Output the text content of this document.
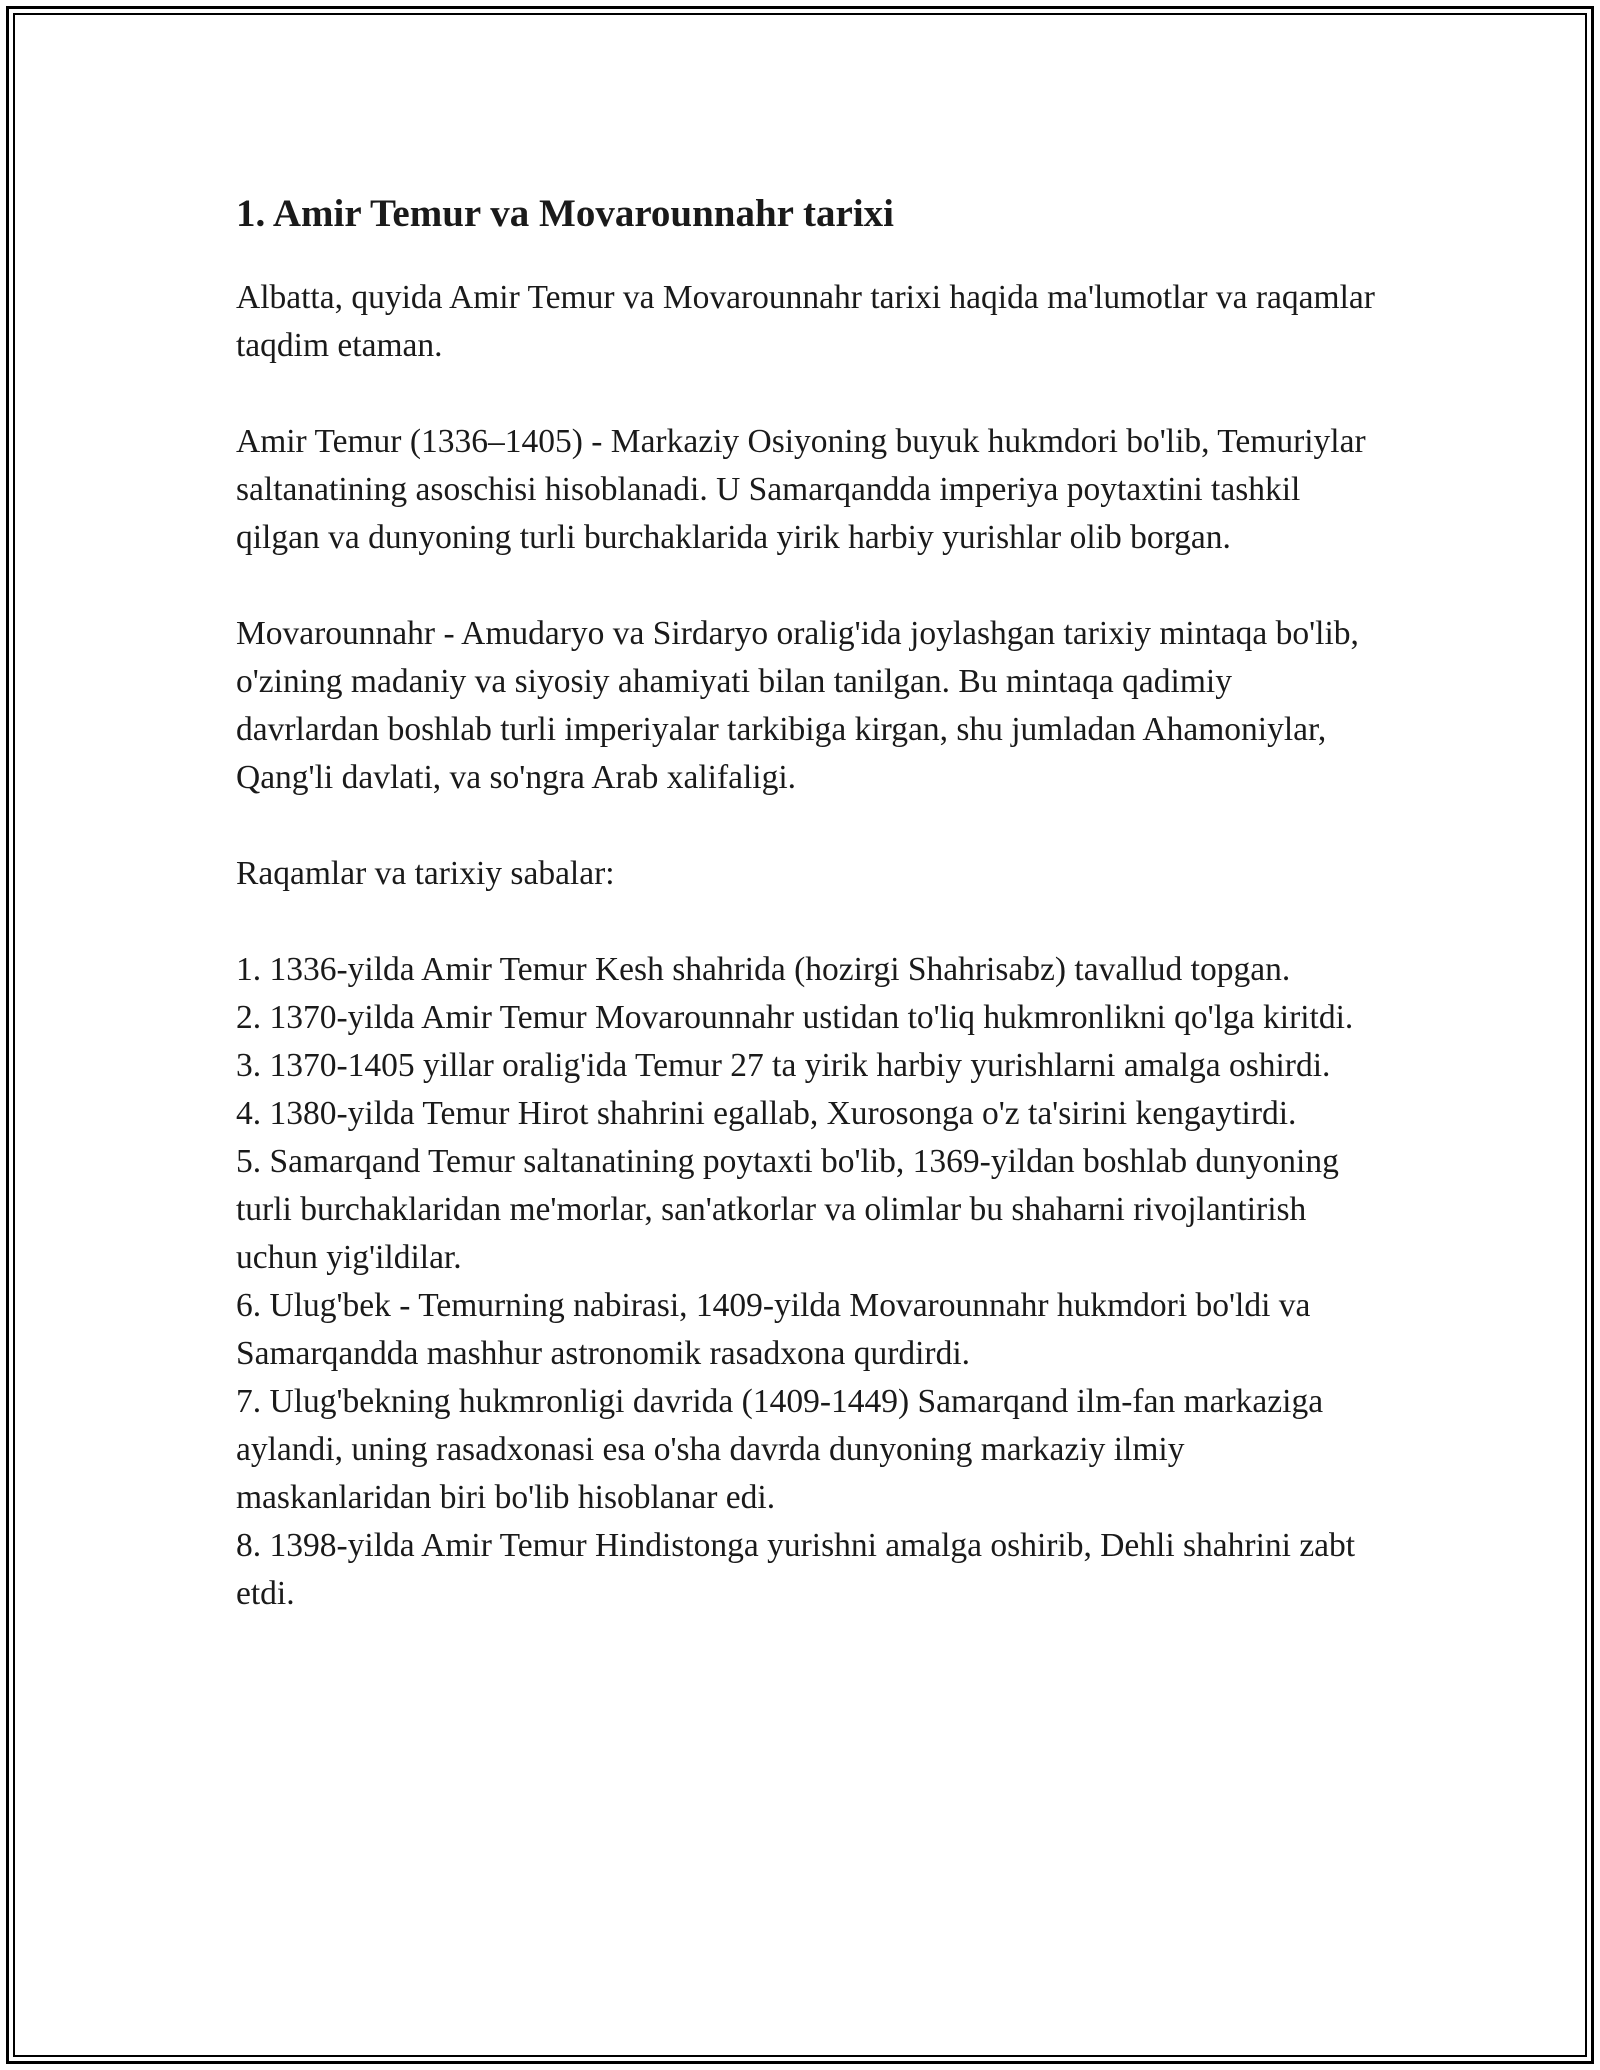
1. Amir Temur va Movarounnahr tarixi

Albatta, quyida Amir Temur va Movarounnahr tarixi haqida ma'lumotlar va raqamlar taqdim etaman.

Amir Temur (1336–1405) - Markaziy Osiyoning buyuk hukmdori bo'lib, Temuriylar saltanatining asoschisi hisoblanadi. U Samarqandda imperiya poytaxtini tashkil qilgan va dunyoning turli burchaklarida yirik harbiy yurishlar olib borgan.

Movarounnahr - Amudaryo va Sirdaryo oralig'ida joylashgan tarixiy mintaqa bo'lib, o'zining madaniy va siyosiy ahamiyati bilan tanilgan. Bu mintaqa qadimiy davrlardan boshlab turli imperiyalar tarkibiga kirgan, shu jumladan Ahamoniylar, Qang'li davlati, va so'ngra Arab xalifaligi.

Raqamlar va tarixiy sabalar:

1. 1336-yilda Amir Temur Kesh shahrida (hozirgi Shahrisabz) tavallud topgan.
2. 1370-yilda Amir Temur Movarounnahr ustidan to'liq hukmronlikni qo'lga kiritdi.
3. 1370-1405 yillar oralig'ida Temur 27 ta yirik harbiy yurishlarni amalga oshirdi.
4. 1380-yilda Temur Hirot shahrini egallab, Xurosonga o'z ta'sirini kengaytirdi.
5. Samarqand Temur saltanatining poytaxti bo'lib, 1369-yildan boshlab dunyoning turli burchaklaridan me'morlar, san'atkorlar va olimlar bu shaharni rivojlantirish uchun yig'ildilar.
6. Ulug'bek - Temurning nabirasi, 1409-yilda Movarounnahr hukmdori bo'ldi va Samarqandda mashhur astronomik rasadxona qurdirdi.
7. Ulug'bekning hukmronligi davrida (1409-1449) Samarqand ilm-fan markaziga aylandi, uning rasadxonasi esa o'sha davrda dunyoning markaziy ilmiy maskanlaridan biri bo'lib hisoblanar edi.
8. 1398-yilda Amir Temur Hindistonga yurishni amalga oshirib, Dehli shahrini zabt etdi.
